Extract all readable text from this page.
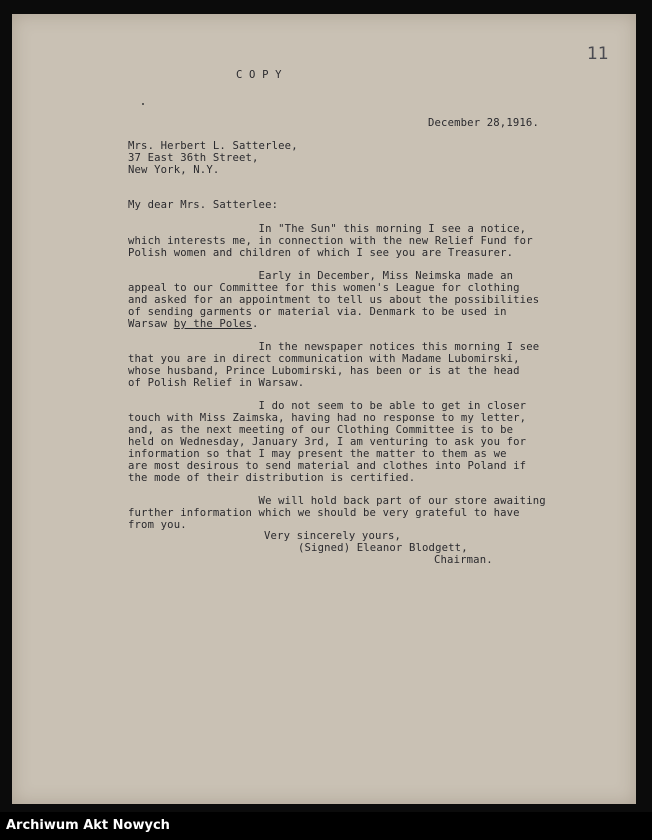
11
C O P Y
December 28,1916.
Mrs. Herbert L. Satterlee,
37 East 36th Street,
New York, N.Y.
My dear Mrs. Satterlee:
In "The Sun" this morning I see a notice,
which interests me, in connection with the new Relief Fund for
Polish women and children of which I see you are Treasurer.
Early in December, Miss Neimska made an
appeal to our Committee for this women's League for clothing
and asked for an appointment to tell us about the possibilities
of sending garments or material via. Denmark to be used in
Warsaw by the Poles.
In the newspaper notices this morning I see
that you are in direct communication with Madame Lubomirski,
whose husband, Prince Lubomirski, has been or is at the head
of Polish Relief in Warsaw.
I do not seem to be able to get in closer
touch with Miss Zaimska, having had no response to my letter,
and, as the next meeting of our Clothing Committee is to be
held on Wednesday, January 3rd, I am venturing to ask you for
information so that I may present the matter to them as we
are most desirous to send material and clothes into Poland if
the mode of their distribution is certified.
We will hold back part of our store awaiting
further information which we should be very grateful to have
from you.
Very sincerely yours,
(Signed) Eleanor Blodgett,
Chairman.
Archiwum Akt Nowych
